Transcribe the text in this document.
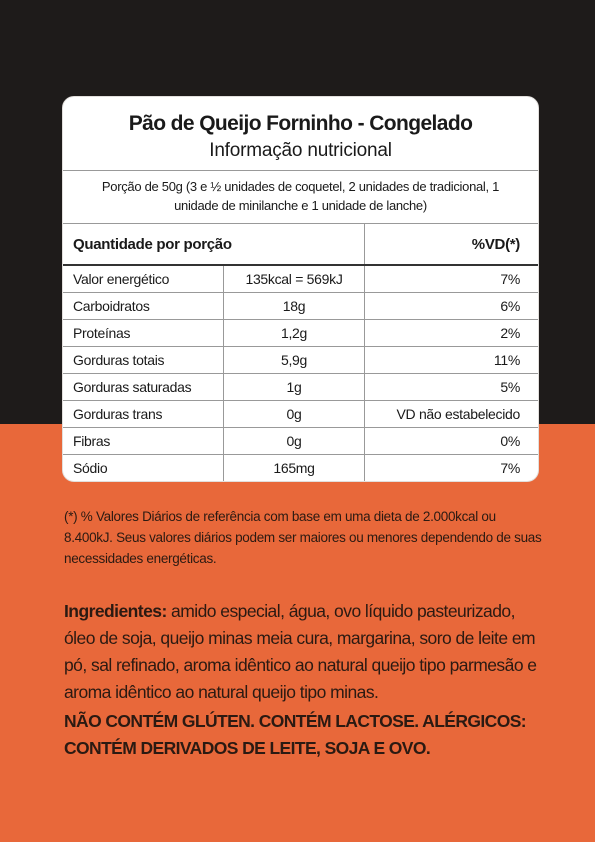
Pão de Queijo Forninho - Congelado
Informação nutricional
Porção de 50g (3 e ½ unidades de coquetel, 2 unidades de tradicional, 1 unidade de minilanche e 1 unidade de lanche)
Quantidade por porção		%VD(*)
Valor energético	135kcal = 569kJ	7%
Carboidratos	18g	6%
Proteínas	1,2g	2%
Gorduras totais	5,9g	11%
Gorduras saturadas	1g	5%
Gorduras trans	0g	VD não estabelecido
Fibras	0g	0%
Sódio	165mg	7%
(*) % Valores Diários de referência com base em uma dieta de 2.000kcal ou 8.400kJ. Seus valores diários podem ser maiores ou menores dependendo de suas necessidades energéticas.
Ingredientes: amido especial, água, ovo líquido pasteurizado, óleo de soja, queijo minas meia cura, margarina, soro de leite em pó, sal refinado, aroma idêntico ao natural queijo tipo parmesão e aroma idêntico ao natural queijo tipo minas.
NÃO CONTÉM GLÚTEN. CONTÉM LACTOSE. ALÉRGICOS: CONTÉM DERIVADOS DE LEITE, SOJA E OVO.
